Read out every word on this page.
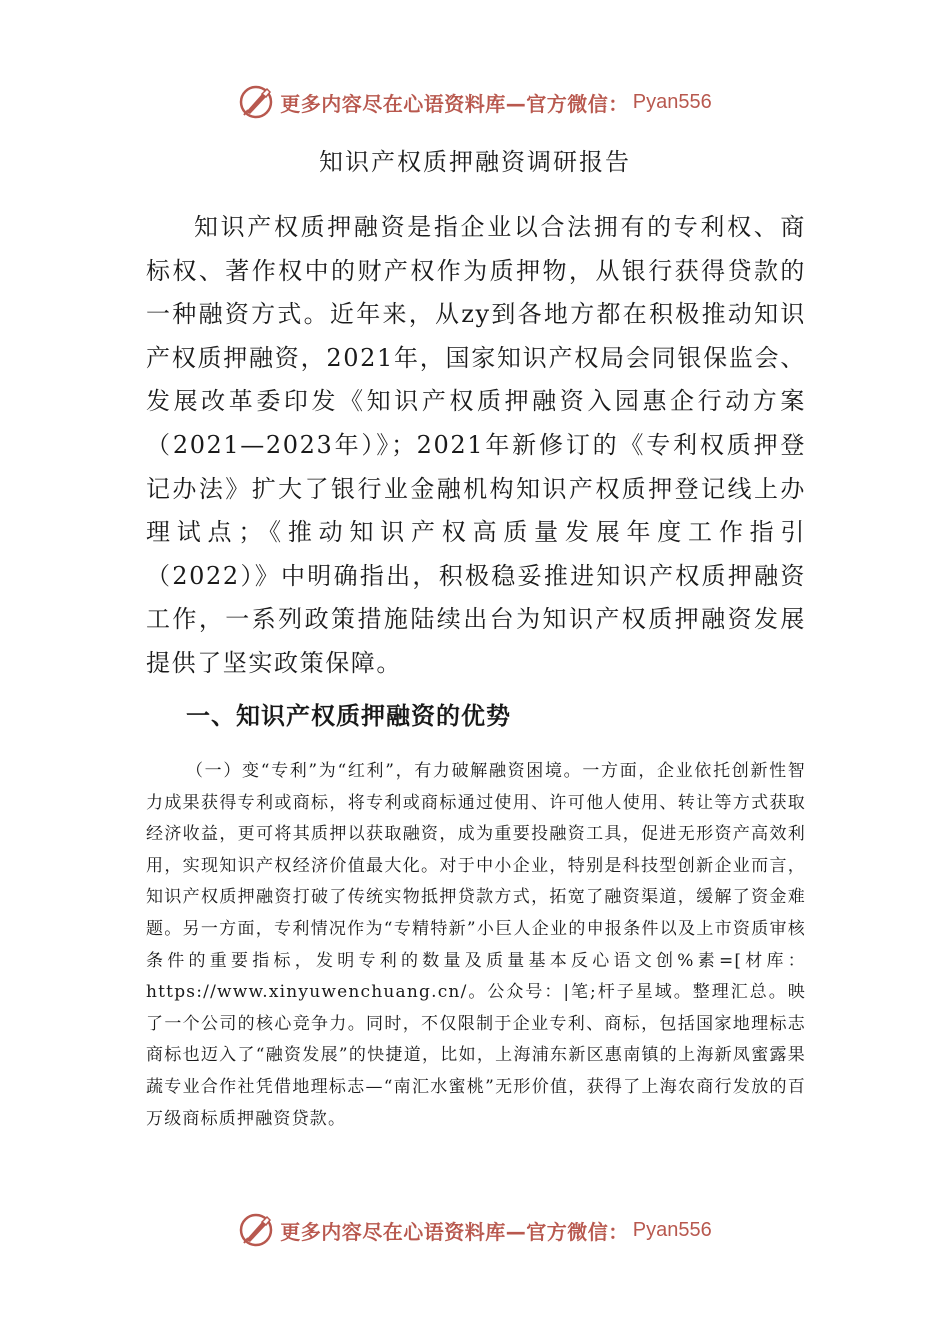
更多内容尽在心语资料库—官方微信： Pyan556
知识产权质押融资调研报告

知识产权质押融资是指企业以合法拥有的专利权、商标权、著作权中的财产权作为质押物，从银行获得贷款的一种融资方式。近年来，从zy到各地方都在积极推动知识产权质押融资，2021年，国家知识产权局会同银保监会、发展改革委印发《知识产权质押融资入园惠企行动方案（2021—2023年）》；2021年新修订的《专利权质押登记办法》扩大了银行业金融机构知识产权质押登记线上办理试点；《推动知识产权高质量发展年度工作指引（2022）》中明确指出，积极稳妥推进知识产权质押融资工作，一系列政策措施陆续出台为知识产权质押融资发展提供了坚实政策保障。

一、知识产权质押融资的优势

（一）变“专利”为“红利”，有力破解融资困境。一方面，企业依托创新性智力成果获得专利或商标，将专利或商标通过使用、许可他人使用、转让等方式获取经济收益，更可将其质押以获取融资，成为重要投融资工具，促进无形资产高效利用，实现知识产权经济价值最大化。对于中小企业，特别是科技型创新企业而言，知识产权质押融资打破了传统实物抵押贷款方式，拓宽了融资渠道，缓解了资金难题。另一方面，专利情况作为“专精特新”小巨人企业的申报条件以及上市资质审核条件的重要指标，发明专利的数量及质量基本反心语文创%素=[材库：https://www.xinyuwenchuang.cn/。公众号：|笔;杆子星域。整理汇总。映了一个公司的核心竞争力。同时，不仅限制于企业专利、商标，包括国家地理标志商标也迈入了“融资发展”的快捷道，比如，上海浦东新区惠南镇的上海新凤蜜露果蔬专业合作社凭借地理标志—“南汇水蜜桃”无形价值，获得了上海农商行发放的百万级商标质押融资贷款。

更多内容尽在心语资料库—官方微信： Pyan556
